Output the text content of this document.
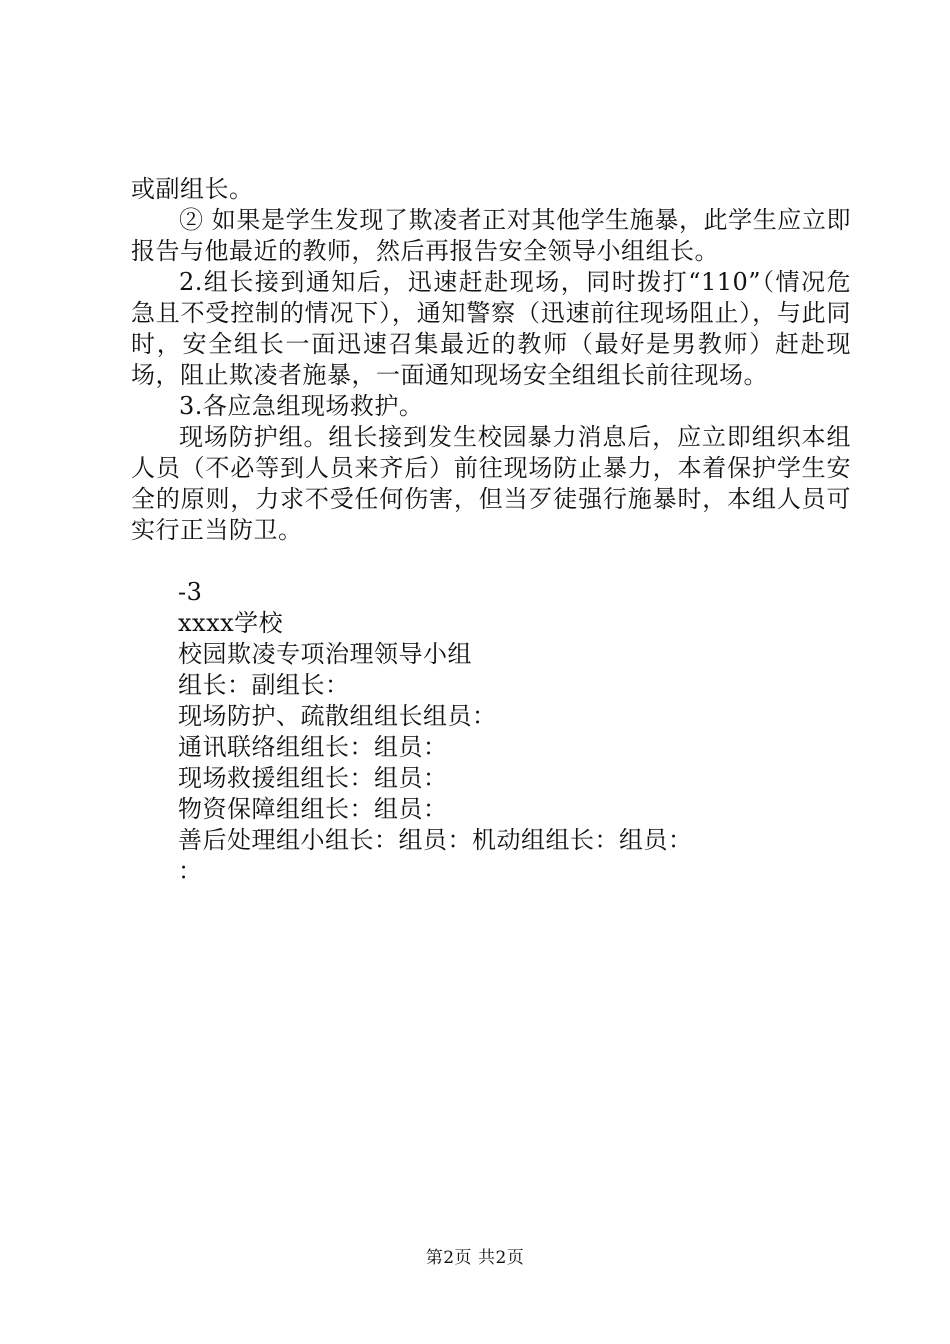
或副组长。

② 如果是学生发现了欺凌者正对其他学生施暴，此学生应立即报告与他最近的教师，然后再报告安全领导小组组长。

2.组长接到通知后，迅速赶赴现场，同时拨打“110”（情况危急且不受控制的情况下），通知警察（迅速前往现场阻止），与此同时，安全组长一面迅速召集最近的教师（最好是男教师）赶赴现场，阻止欺凌者施暴，一面通知现场安全组组长前往现场。

3.各应急组现场救护。

现场防护组。组长接到发生校园暴力消息后，应立即组织本组人员（不必等到人员来齐后）前往现场防止暴力，本着保护学生安全的原则，力求不受任何伤害，但当歹徒强行施暴时，本组人员可实行正当防卫。

-3

xxxx学校

校园欺凌专项治理领导小组

组长：副组长：

现场防护、疏散组组长组员：

通讯联络组组长：组员：

现场救援组组长：组员：

物资保障组组长：组员：

善后处理组小组长：组员：机动组组长：组员：

：

第2页 共2页
